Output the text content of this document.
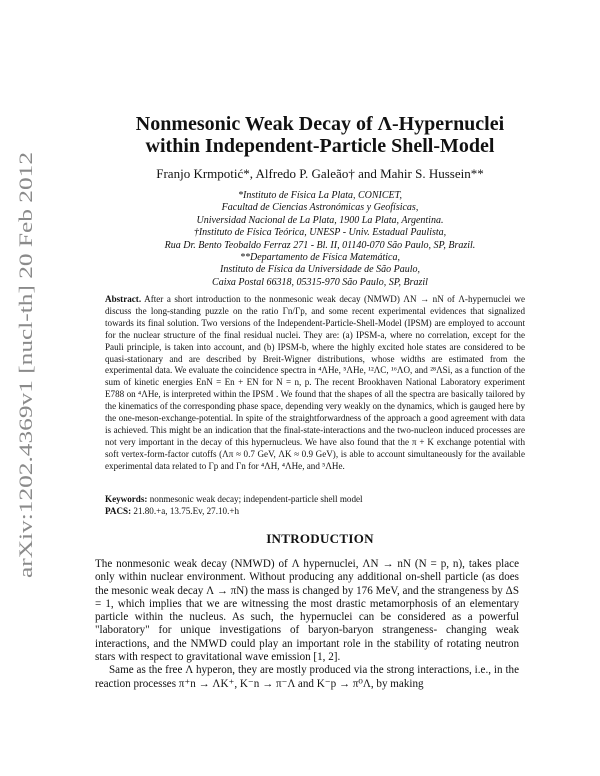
arXiv:1202.4369v1 [nucl-th] 20 Feb 2012
Nonmesonic Weak Decay of Λ-Hypernuclei
within Independent-Particle Shell-Model
Franjo Krmpotić*, Alfredo P. Galeão† and Mahir S. Hussein**
*Instituto de Física La Plata, CONICET,
Facultad de Ciencias Astronómicas y Geofísicas,
Universidad Nacional de La Plata, 1900 La Plata, Argentina.
†Instituto de Física Teórica, UNESP - Univ. Estadual Paulista,
Rua Dr. Bento Teobaldo Ferraz 271 - Bl. II, 01140-070 São Paulo, SP, Brazil.
**Departamento de Física Matemática,
Instituto de Física da Universidade de São Paulo,
Caixa Postal 66318, 05315-970 São Paulo, SP, Brazil

Abstract. After a short introduction to the nonmesonic weak decay (NMWD) ΛN → nN of Λ-hypernuclei we discuss the long-standing puzzle on the ratio Γn/Γp, and some recent experimental evidences that signalized towards its final solution. Two versions of the Independent-Particle-Shell-Model (IPSM) are employed to account for the nuclear structure of the final residual nuclei. They are: (a) IPSM-a, where no correlation, except for the Pauli principle, is taken into account, and (b) IPSM-b, where the highly excited hole states are considered to be quasi-stationary and are described by Breit-Wigner distributions, whose widths are estimated from the experimental data. We evaluate the coincidence spectra in ⁴ΛHe, ⁵ΛHe, ¹²ΛC, ¹⁶ΛO, and ²⁸ΛSi, as a function of the sum of kinetic energies EnN = En + EN for N = n, p. The recent Brookhaven National Laboratory experiment E788 on ⁴ΛHe, is interpreted within the IPSM . We found that the shapes of all the spectra are basically tailored by the kinematics of the corresponding phase space, depending very weakly on the dynamics, which is gauged here by the one-meson-exchange-potential. In spite of the straightforwardness of the approach a good agreement with data is achieved. This might be an indication that the final-state-interactions and the two-nucleon induced processes are not very important in the decay of this hypernucleus. We have also found that the π + K exchange potential with soft vertex-form-factor cutoffs (Λπ ≈ 0.7 GeV, ΛK ≈ 0.9 GeV), is able to account simultaneously for the available experimental data related to Γp and Γn for ⁴ΛH, ⁴ΛHe, and ⁵ΛHe.

Keywords: nonmesonic weak decay; independent-particle shell model
PACS: 21.80.+a, 13.75.Ev, 27.10.+h
INTRODUCTION

The nonmesonic weak decay (NMWD) of Λ hypernuclei, ΛN → nN (N = p, n), takes place only within nuclear environment. Without producing any additional on-shell particle (as does the mesonic weak decay Λ → πN) the mass is changed by 176 MeV, and the strangeness by ΔS = 1, which implies that we are witnessing the most drastic metamorphosis of an elementary particle within the nucleus. As such, the hypernuclei can be considered as a powerful "laboratory" for unique investigations of baryon-baryon strangeness- changing weak interactions, and the NMWD could play an important role in the stability of rotating neutron stars with respect to gravitational wave emission [1, 2].

Same as the free Λ hyperon, they are mostly produced via the strong interactions, i.e., in the reaction processes π⁺n → ΛK⁺, K⁻n → π⁻Λ and K⁻p → π⁰Λ, by making
